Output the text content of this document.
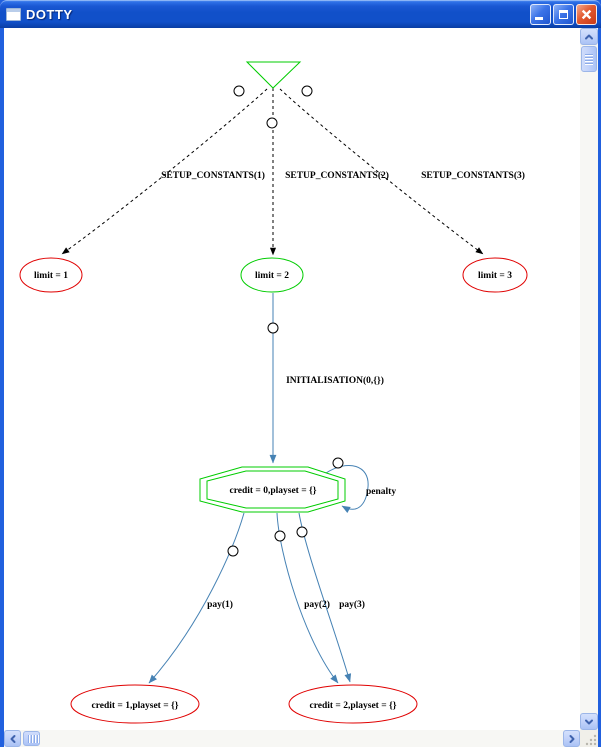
DOTTY
SETUP_CONSTANTS(1) SETUP_CONSTANTS(2)	SETUP_CONSTANTS(3)
INITIALISATION(0,{})
penalty
pay(1)	pay(2) pay(3)
limit = 1	limit = 2	limit = 3
credit = 0,playset = {}
credit = 1,playset = {}	credit = 2,playset = {}
